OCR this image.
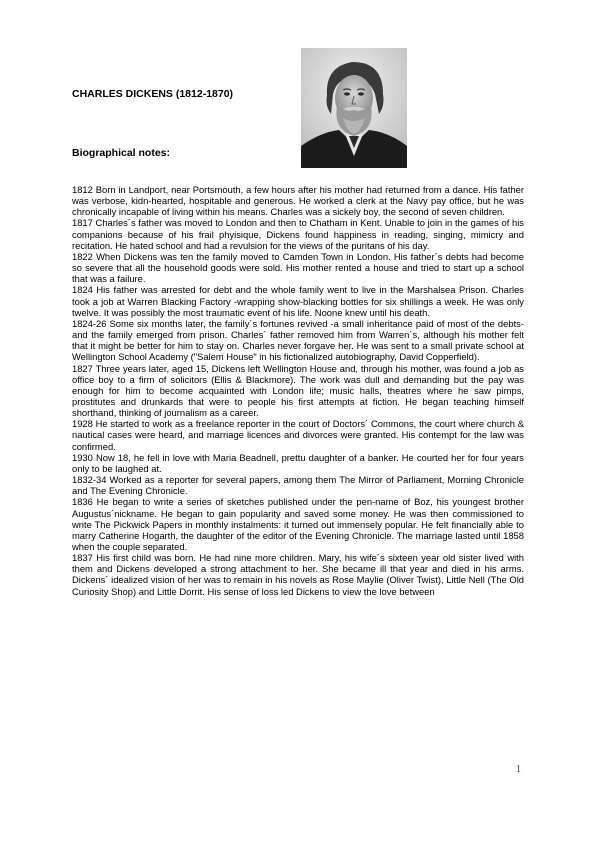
CHARLES DICKENS (1812-1870)
Biographical notes:

1812 Born in Landport, near Portsmouth, a few hours after his mother had returned from a dance. His father was verbose, kidn-hearted, hospitable and generous. He worked a clerk at the Navy pay office, but he was chronically incapable of living within his means. Charles was a sickely boy, the second of seven children.

1817 Charles´s father was moved to London and then to Chatham in Kent. Unable to join in the games of his companions because of his frail phyisique, Dickens found happiness in reading, singing, mimicry and recitation. He hated school and had a revulsion for the views of the puritans of his day.

1822 When Dickens was ten the family moved to Camden Town in London. His father´s debts had become so severe that all the household goods were sold. His mother rented a house and tried to start up a school that was a failure.

1824 His father was arrested for debt and the whole family went to live in the Marshalsea Prison. Charles took a job at Warren Blacking Factory -wrapping show-blacking bottles for six shillings a week. He was only twelve. It was possibly the most traumatic event of his life. Noone knew until his death.

1824-26 Some six months later, the family´s fortunes revived -a small inheritance paid of most of the debts- and the family emerged from prison. Charles´ father removed him from Warren´s, although his mother felt that it might be better for him to stay on. Charles never forgave her. He was sent to a small private school at Wellington School Academy ("Salem House" in his fictionalized autobiography, David Copperfield).

1827 Three years later, aged 15, Dickens left Wellington House and, through his mother, was found a job as office boy to a firm of solicitors (Ellis & Blackmore). The work was dull and demanding but the pay was enough for him to become acquainted with London life; music halls, theatres where he saw pimps, prostitutes and drunkards that were to people his first attempts at fiction. He began teaching himself shorthand, thinking of journalism as a career.

1928 He started to work as a freelance reporter in the court of Doctors´ Commons, the court where church & nautical cases were heard, and marriage licences and divorces were granted. His contempt for the law was confirmed.

1930 Now 18, he fell in love with Maria Beadnell, prettu daughter of a banker. He courted her for four years only to be laughed at.

1832-34 Worked as a reporter for several papers, among them The Mirror of Parliament, Morning Chronicle and The Evening Chronicle.

1836 He began to write a series of sketches published under the pen-name of Boz, his youngest brother Augustus´nickname. He began to gain popularity and saved some money. He was then commissioned to write The Pickwick Papers in monthly instalments: it turned out immensely popular. He felt financially able to marry Catherine Hogarth, the daughter of the editor of the Evening Chronicle. The marriage lasted until 1858 when the couple separated.

1837 His first child was born. He had nine more children. Mary, his wife´s sixteen year old sister lived with them and Dickens developed a strong attachment to her. She became ill that year and died in his arms. Dickens´ idealized vision of her was to remain in his novels as Rose Maylie (Oliver Twist), Little Nell (The Old Curiosity Shop) and Little Dorrit. His sense of loss led Dickens to view the love between

1
